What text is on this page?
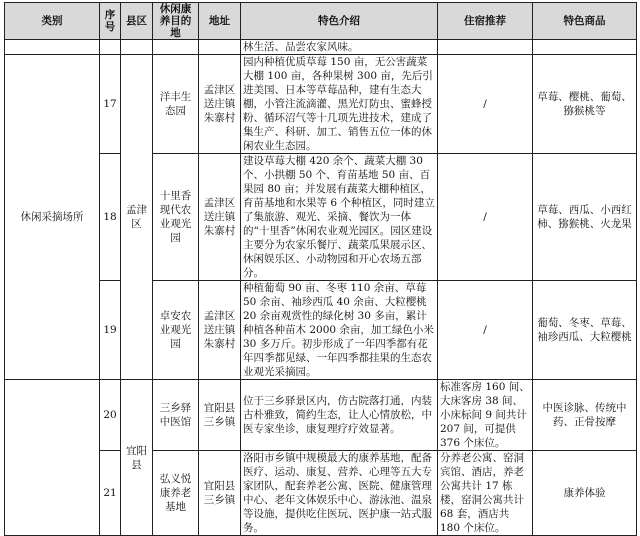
类别	序号	县区	休闲康养目的地	地址	特色介绍	住宿推荐	特色商品
					林生活、品尝农家风味。		
休闲采摘场所	17	孟津区	洋丰生态园	孟津区送庄镇朱寨村	园内种植优质草莓 150 亩，无公害蔬菜大棚 100 亩，各种果树 300 亩，先后引进美国、日本等草莓品种，建有生态大棚，小管注流滴灌、黑光灯防虫、蜜蜂授粉、循环沼气等十几项先进技术，建成了集生产、科研、加工、销售五位一体的休闲农业生态园。	/	草莓、樱桃、葡萄、猕猴桃等
	18		十里香现代农业观光园	孟津区送庄镇朱寨村	建设草莓大棚 420 余个、蔬菜大棚 30 个、小拱棚 50 个、育苗基地 50 亩、百果园 80 亩；并发展有蔬菜大棚种植区，育苗基地和水果等 6 个种植区，同时建立了集旅游、观光、采摘、餐饮为一体的“十里香”休闲农业观光园区。园区建设主要分为农家乐餐厅、蔬菜瓜果展示区、休闲娱乐区、小动物园和开心农场五部分。	/	草莓、西瓜、小西红柿、猕猴桃、火龙果
	19		卓安农业观光园	孟津区送庄镇朱寨村	种植葡萄 90 亩、冬枣 110 余亩、草莓 50 余亩、袖珍西瓜 40 余亩、大粒樱桃 20 余亩观赏性的绿化树 30 多亩，累计种植各种苗木 2000 余亩，加工绿色小米 30 多万斤。初步形成了一年四季都有花年四季都见绿、一年四季都挂果的生态农业观光采摘园。	/	葡萄、冬枣、草莓、袖珍西瓜、大粒樱桃
	20	宜阳县	三乡驿中医馆	宜阳县三乡镇	位于三乡驿景区内，仿古院落打通，内装古朴雅致，简约生态，让人心情放松，中医专家坐诊，康复理疗疗效显著。	标准客房 160 间、大床客房 38 间、小床标间 9 间共计 207 间，可提供 376 个床位。	中医诊脉、传统中药、正骨按摩
	21		弘义悦康养老基地	宜阳县三乡镇	洛阳市乡镇中规模最大的康养基地，配备医疗、运动、康复、营养、心理等五大专家团队，配套养老公寓、医院、健康管理中心、老年文体娱乐中心、游泳池、温泉等设施，提供吃住医玩、医护康一站式服务。	分养老公寓、窑洞宾馆、酒店，养老公寓共计 17 栋楼，窑洞公寓共计 68 套，酒店共 180 个床位。	康养体验
